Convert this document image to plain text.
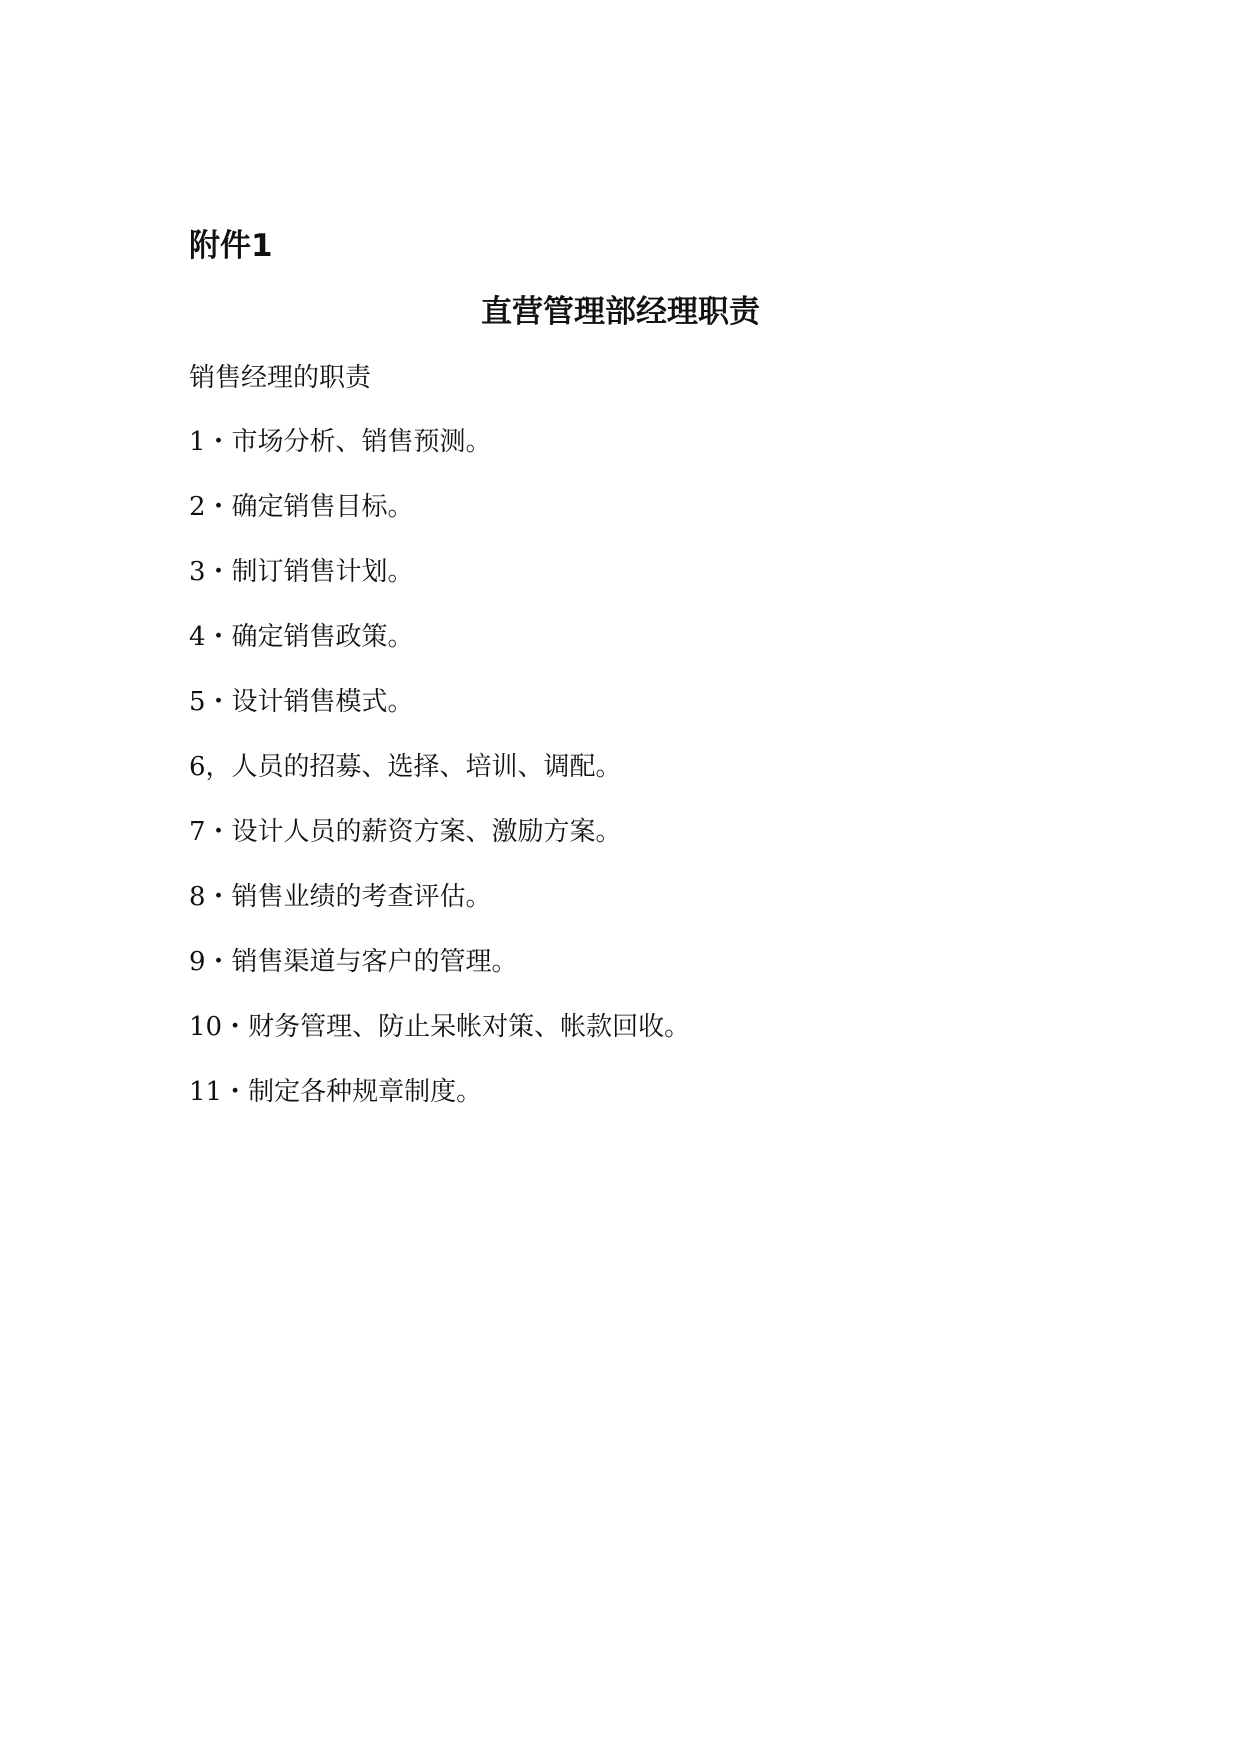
附件1
直营管理部经理职责
销售经理的职责
1・市场分析、销售预测。
2・确定销售目标。
3・制订销售计划。
4・确定销售政策。
5・设计销售模式。
6，人员的招募、选择、培训、调配。
7・设计人员的薪资方案、激励方案。
8・销售业绩的考查评估。
9・销售渠道与客户的管理。
10・财务管理、防止呆帐对策、帐款回收。
11・制定各种规章制度。
